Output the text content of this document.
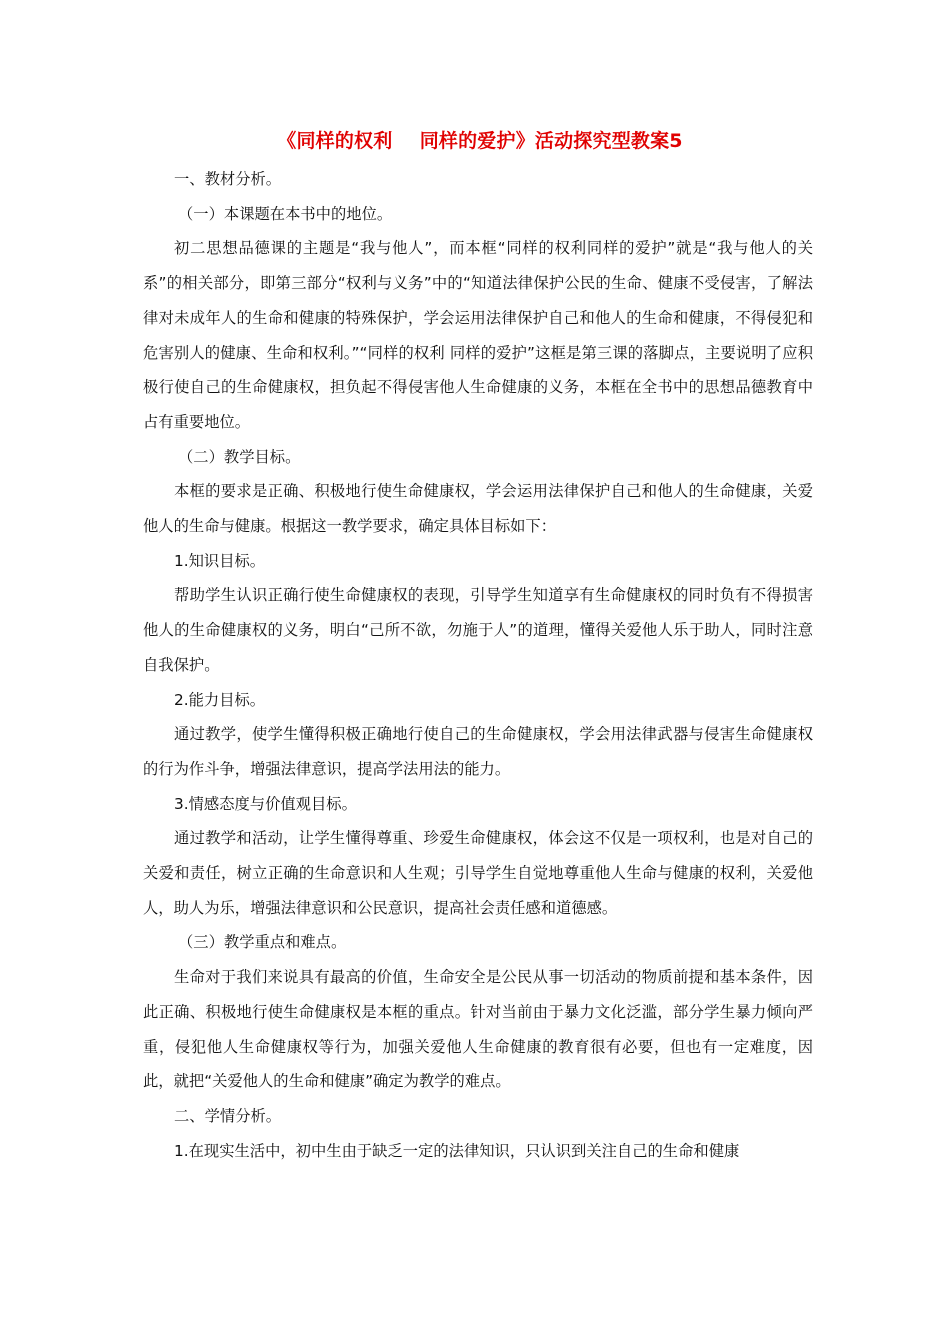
《同样的权利    同样的爱护》活动探究型教案5

一、教材分析。

（一）本课题在本书中的地位。

初二思想品德课的主题是“我与他人”，而本框“同样的权利同样的爱护”就是“我与他人的关系”的相关部分，即第三部分“权利与义务”中的“知道法律保护公民的生命、健康不受侵害，了解法律对未成年人的生命和健康的特殊保护，学会运用法律保护自己和他人的生命和健康，不得侵犯和危害别人的健康、生命和权利。”“同样的权利 同样的爱护”这框是第三课的落脚点，主要说明了应积极行使自己的生命健康权，担负起不得侵害他人生命健康的义务，本框在全书中的思想品德教育中占有重要地位。

（二）教学目标。

本框的要求是正确、积极地行使生命健康权，学会运用法律保护自己和他人的生命健康，关爱他人的生命与健康。根据这一教学要求，确定具体目标如下：

1.知识目标。

帮助学生认识正确行使生命健康权的表现，引导学生知道享有生命健康权的同时负有不得损害他人的生命健康权的义务，明白“己所不欲，勿施于人”的道理，懂得关爱他人乐于助人，同时注意自我保护。

2.能力目标。

通过教学，使学生懂得积极正确地行使自己的生命健康权，学会用法律武器与侵害生命健康权的行为作斗争，增强法律意识，提高学法用法的能力。

3.情感态度与价值观目标。

通过教学和活动，让学生懂得尊重、珍爱生命健康权，体会这不仅是一项权利，也是对自己的关爱和责任，树立正确的生命意识和人生观；引导学生自觉地尊重他人生命与健康的权利，关爱他人，助人为乐，增强法律意识和公民意识，提高社会责任感和道德感。

（三）教学重点和难点。

生命对于我们来说具有最高的价值，生命安全是公民从事一切活动的物质前提和基本条件，因此正确、积极地行使生命健康权是本框的重点。针对当前由于暴力文化泛滥，部分学生暴力倾向严重，侵犯他人生命健康权等行为，加强关爱他人生命健康的教育很有必要，但也有一定难度，因此，就把“关爱他人的生命和健康”确定为教学的难点。

二、学情分析。

1.在现实生活中，初中生由于缺乏一定的法律知识，只认识到关注自己的生命和健康
